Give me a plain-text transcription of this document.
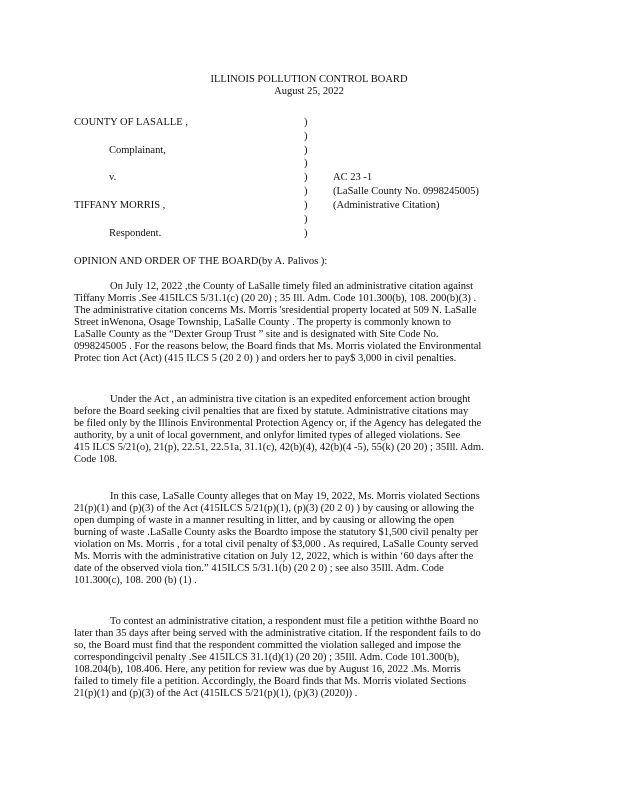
ILLINOIS POLLUTION CONTROL BOARD
August 25, 2022
COUNTY OF LASALLE ,
Complainant,
v.
TIFFANY MORRIS ,
Respondent.
)
)
)
)
)
)
)
)
)
AC 23 -1
(LaSalle County No. 0998245005)
(Administrative Citation)
OPINION AND ORDER OF THE BOARD(by A. Palivos ):
On July 12, 2022 ,the County of LaSalle timely filed an administrative citation against
Tiffany Morris .See 415ILCS 5/31.1(c) (20 20) ; 35 Ill. Adm. Code 101.300(b), 108. 200(b)(3) .
The administrative citation concerns Ms. Morris 'sresidential property located at 509 N. LaSalle
Street inWenona, Osage Township, LaSalle County . The property is commonly known to
LaSalle County as the “Dexter Group Trust ” site and is designated with Site Code No.
0998245005 . For the reasons below, the Board finds that Ms. Morris violated the Environmental
Protec tion Act (Act) (415 ILCS 5 (20 2 0) ) and orders her to pay$ 3,000 in civil penalties.
Under the Act , an administra tive citation is an expedited enforcement action brought
before the Board seeking civil penalties that are fixed by statute. Administrative citations may
be filed only by the Illinois Environmental Protection Agency or, if the Agency has delegated the
authority, by a unit of local government, and onlyfor limited types of alleged violations. See
415 ILCS 5/21(o), 21(p), 22.51, 22.51a, 31.1(c), 42(b)(4), 42(b)(4 -5), 55(k) (20 20) ; 35Ill. Adm.
Code 108.
In this case, LaSalle County alleges that on May 19, 2022, Ms. Morris violated Sections
21(p)(1) and (p)(3) of the Act (415ILCS 5/21(p)(1), (p)(3) (20 2 0) ) by causing or allowing the
open dumping of waste in a manner resulting in litter, and by causing or allowing the open
burning of waste .LaSalle County asks the Boardto impose the statutory $1,500 civil penalty per
violation on Ms. Morris , for a total civil penalty of $3,000 . As required, LaSalle County served
Ms. Morris with the administrative citation on July 12, 2022, which is within ‘60 days after the
date of the observed viola tion.” 415ILCS 5/31.1(b) (20 2 0) ; see also 35Ill. Adm. Code
101.300(c), 108. 200 (b) (1) .
To contest an administrative citation, a respondent must file a petition withthe Board no
later than 35 days after being served with the administrative citation. If the respondent fails to do
so, the Board must find that the respondent committed the violation salleged and impose the
correspondingcivil penalty .See 415ILCS 31.1(d)(1) (20 20) ; 35Ill. Adm. Code 101.300(b),
108.204(b), 108.406. Here, any petition for review was due by August 16, 2022 .Ms. Morris
failed to timely file a petition. Accordingly, the Board finds that Ms. Morris violated Sections
21(p)(1) and (p)(3) of the Act (415ILCS 5/21(p)(1), (p)(3) (2020)) .
